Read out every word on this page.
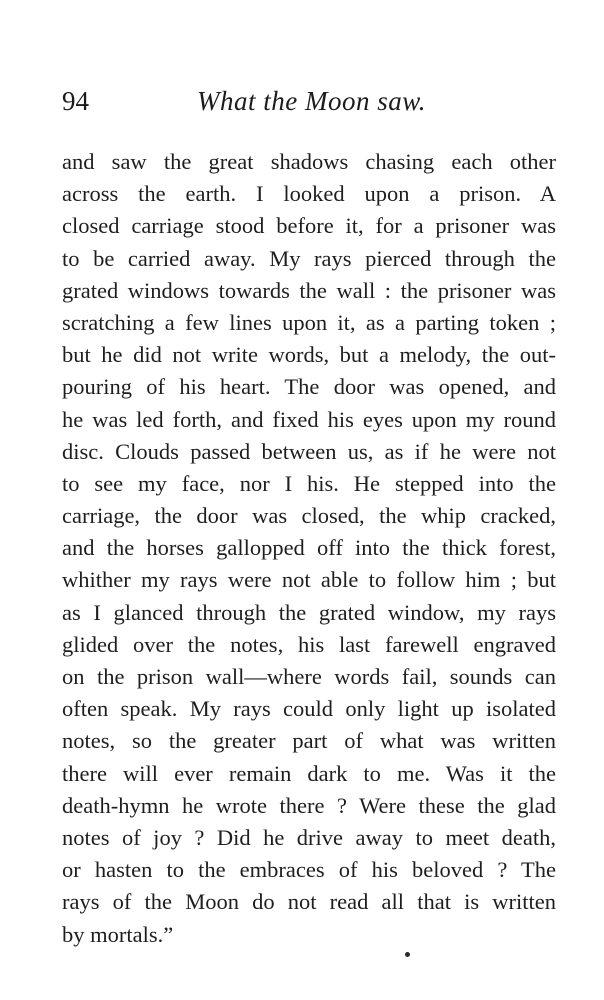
94	What the Moon saw.
and saw the great shadows chasing each other
across the earth. I looked upon a prison. A
closed carriage stood before it, for a prisoner was
to be carried away. My rays pierced through the
grated windows towards the wall : the prisoner was
scratching a few lines upon it, as a parting token ;
but he did not write words, but a melody, the out-
pouring of his heart. The door was opened, and
he was led forth, and fixed his eyes upon my round
disc. Clouds passed between us, as if he were not
to see my face, nor I his. He stepped into the
carriage, the door was closed, the whip cracked,
and the horses gallopped off into the thick forest,
whither my rays were not able to follow him ; but
as I glanced through the grated window, my rays
glided over the notes, his last farewell engraved
on the prison wall—where words fail, sounds can
often speak. My rays could only light up isolated
notes, so the greater part of what was written
there will ever remain dark to me. Was it the
death-hymn he wrote there ? Were these the glad
notes of joy ? Did he drive away to meet death,
or hasten to the embraces of his beloved ? The
rays of the Moon do not read all that is written
by mortals.”
